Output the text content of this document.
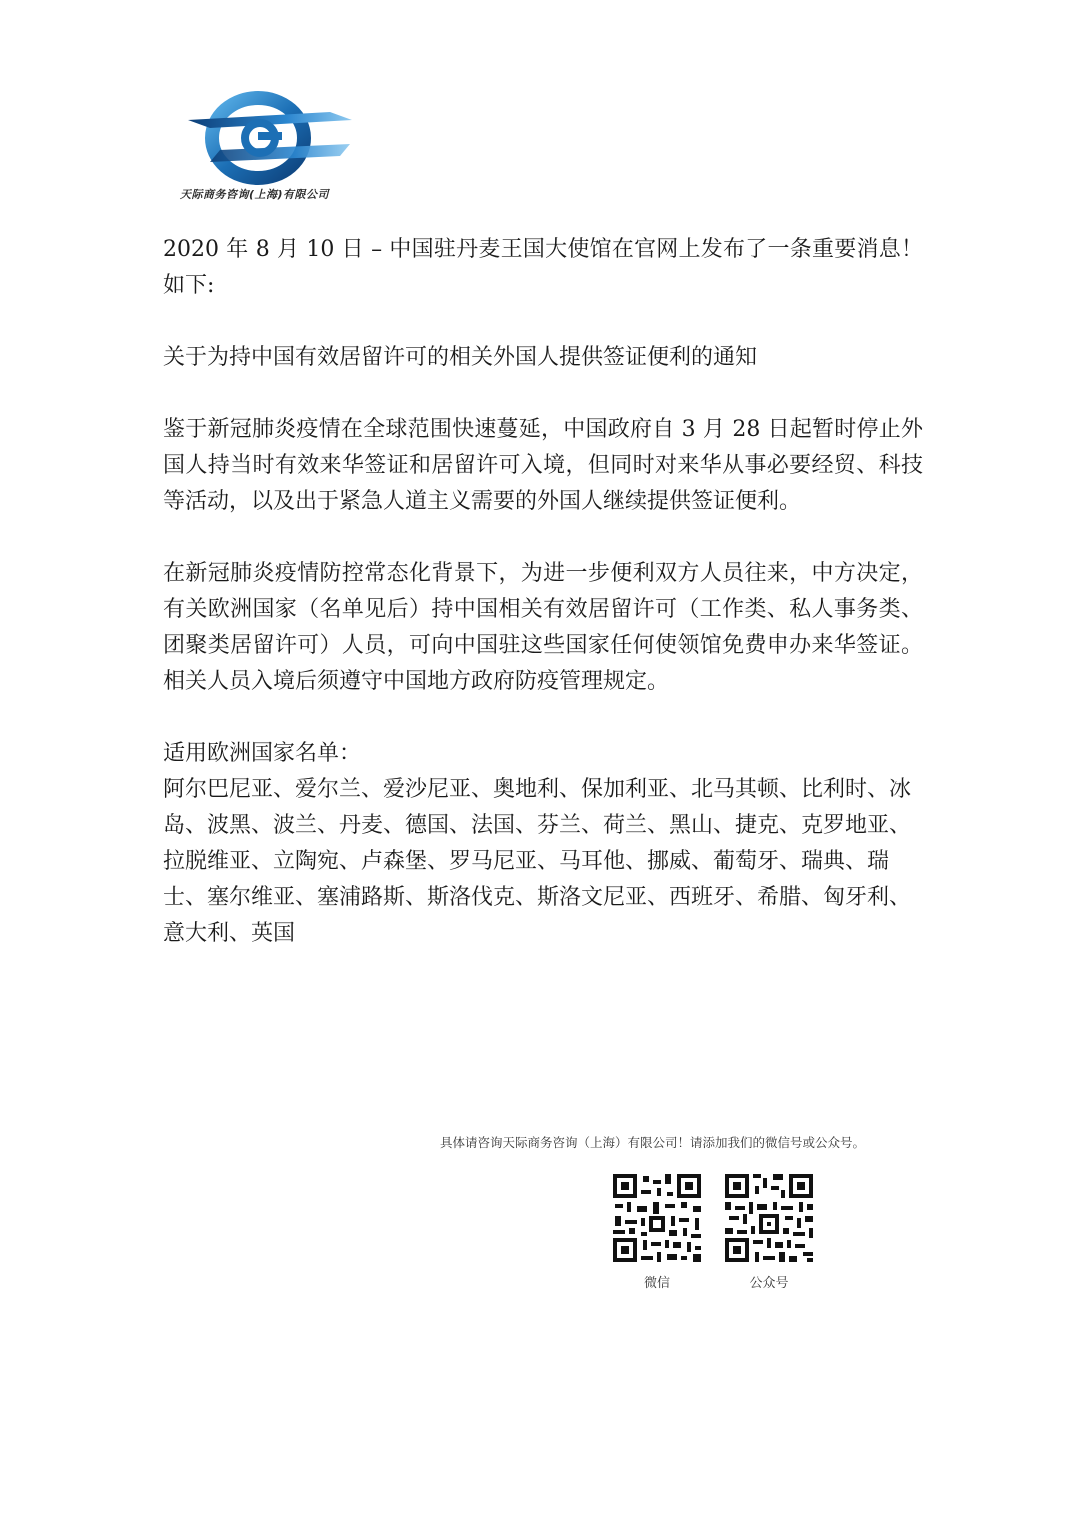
天际商务咨询(上海)有限公司

2020 年 8 月 10 日 – 中国驻丹麦王国大使馆在官网上发布了一条重要消息！如下:

关于为持中国有效居留许可的相关外国人提供签证便利的通知

鉴于新冠肺炎疫情在全球范围快速蔓延，中国政府自 3 月 28 日起暂时停止外国人持当时有效来华签证和居留许可入境，但同时对来华从事必要经贸、科技等活动，以及出于紧急人道主义需要的外国人继续提供签证便利。

在新冠肺炎疫情防控常态化背景下，为进一步便利双方人员往来，中方决定，有关欧洲国家（名单见后）持中国相关有效居留许可（工作类、私人事务类、团聚类居留许可）人员，可向中国驻这些国家任何使领馆免费申办来华签证。相关人员入境后须遵守中国地方政府防疫管理规定。

适用欧洲国家名单：

阿尔巴尼亚、爱尔兰、爱沙尼亚、奥地利、保加利亚、北马其顿、比利时、冰岛、波黑、波兰、丹麦、德国、法国、芬兰、荷兰、黑山、捷克、克罗地亚、拉脱维亚、立陶宛、卢森堡、罗马尼亚、马耳他、挪威、葡萄牙、瑞典、瑞士、塞尔维亚、塞浦路斯、斯洛伐克、斯洛文尼亚、西班牙、希腊、匈牙利、意大利、英国

具体请咨询天际商务咨询（上海）有限公司！请添加我们的微信号或公众号。
微信	公众号
